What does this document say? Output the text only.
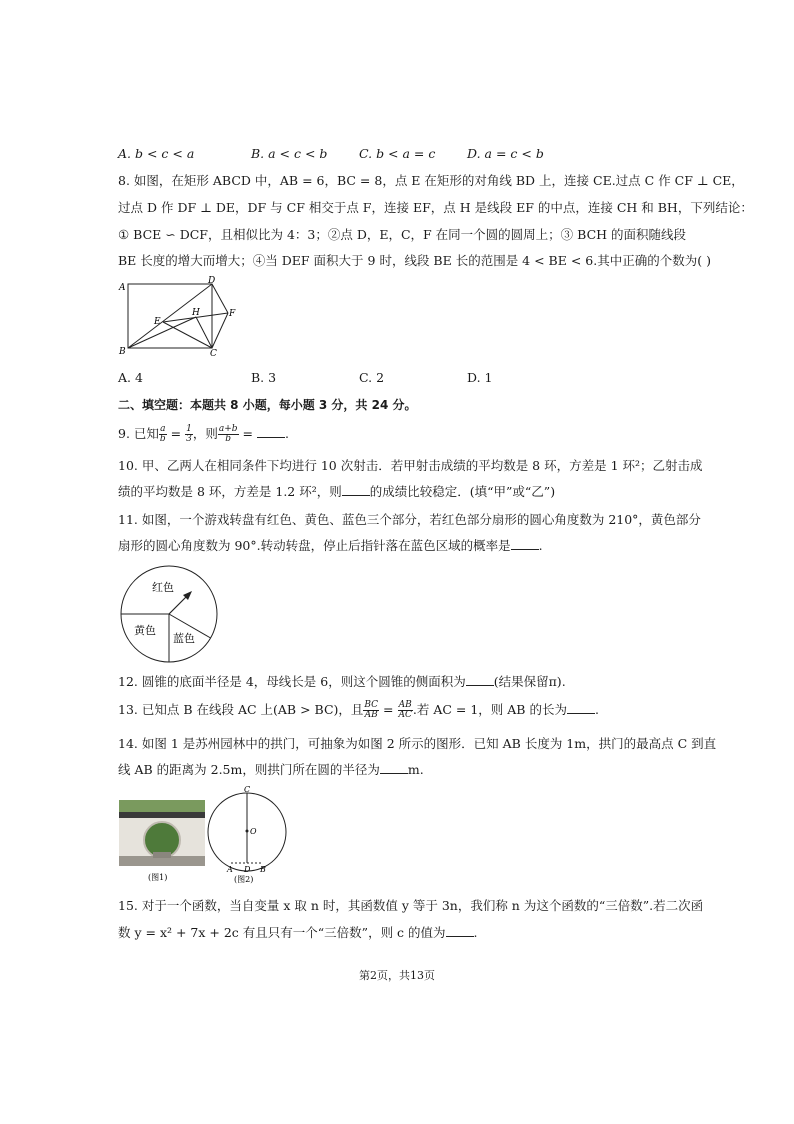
A. b < c < a	B. a < c < b	C. b < a = c	D. a = c < b
8. 如图，在矩形 ABCD 中，AB = 6，BC = 8，点 E 在矩形的对角线 BD 上，连接 CE.过点 C 作 CF ⊥ CE，
过点 D 作 DF ⊥ DE，DF 与 CF 相交于点 F，连接 EF，点 H 是线段 EF 的中点，连接 CH 和 BH，下列结论：
① BCE ∽ DCF，且相似比为 4：3；②点 D，E，C，F 在同一个圆的圆周上；③ BCH 的面积随线段
BE 长度的增大而增大；④当 DEF 面积大于 9 时，线段 BE 长的范围是 4 < BE < 6.其中正确的个数为( )
A
D
E
H	F
B	C
A. 4	B. 3	C. 2	D. 1
二、填空题：本题共 8 小题，每小题 3 分，共 24 分。
9. 已知 $\frac{a}{b} = \frac{1}{3}$ ，则 $\frac{a+b}{b}$ = .
10. 甲、乙两人在相同条件下均进行 10 次射击．若甲射击成绩的平均数是 8 环，方差是 1 环²；乙射击成
绩的平均数是 8 环，方差是 1.2 环²，则 的成绩比较稳定．(填“甲”或“乙”)
11. 如图，一个游戏转盘有红色、黄色、蓝色三个部分，若红色部分扇形的圆心角度数为 210°，黄色部分
扇形的圆心角度数为 90°.转动转盘，停止后指针落在蓝色区域的概率是 .
红色
黄色
蓝色
12. 圆锥的底面半径是 4，母线长是 6，则这个圆锥的侧面积为 (结果保留π).
13. 已知点 B 在线段 AC 上(AB > BC)，且 $\frac{BC}{AB} = \frac{AB}{AC}$ .若 AC = 1，则 AB 的长为 .
14. 如图 1 是苏州园林中的拱门，可抽象为如图 2 所示的图形．已知 AB 长度为 1m，拱门的最高点 C 到直
线 AB 的距离为 2.5m，则拱门所在圆的半径为 m.
(图1)
C
O
A D B
(图2)
15. 对于一个函数，当自变量 x 取 n 时，其函数值 y 等于 3n，我们称 n 为这个函数的“三倍数”.若二次函
数 y = x² + 7x + 2c 有且只有一个“三倍数”，则 c 的值为 .
第2页，共13页
